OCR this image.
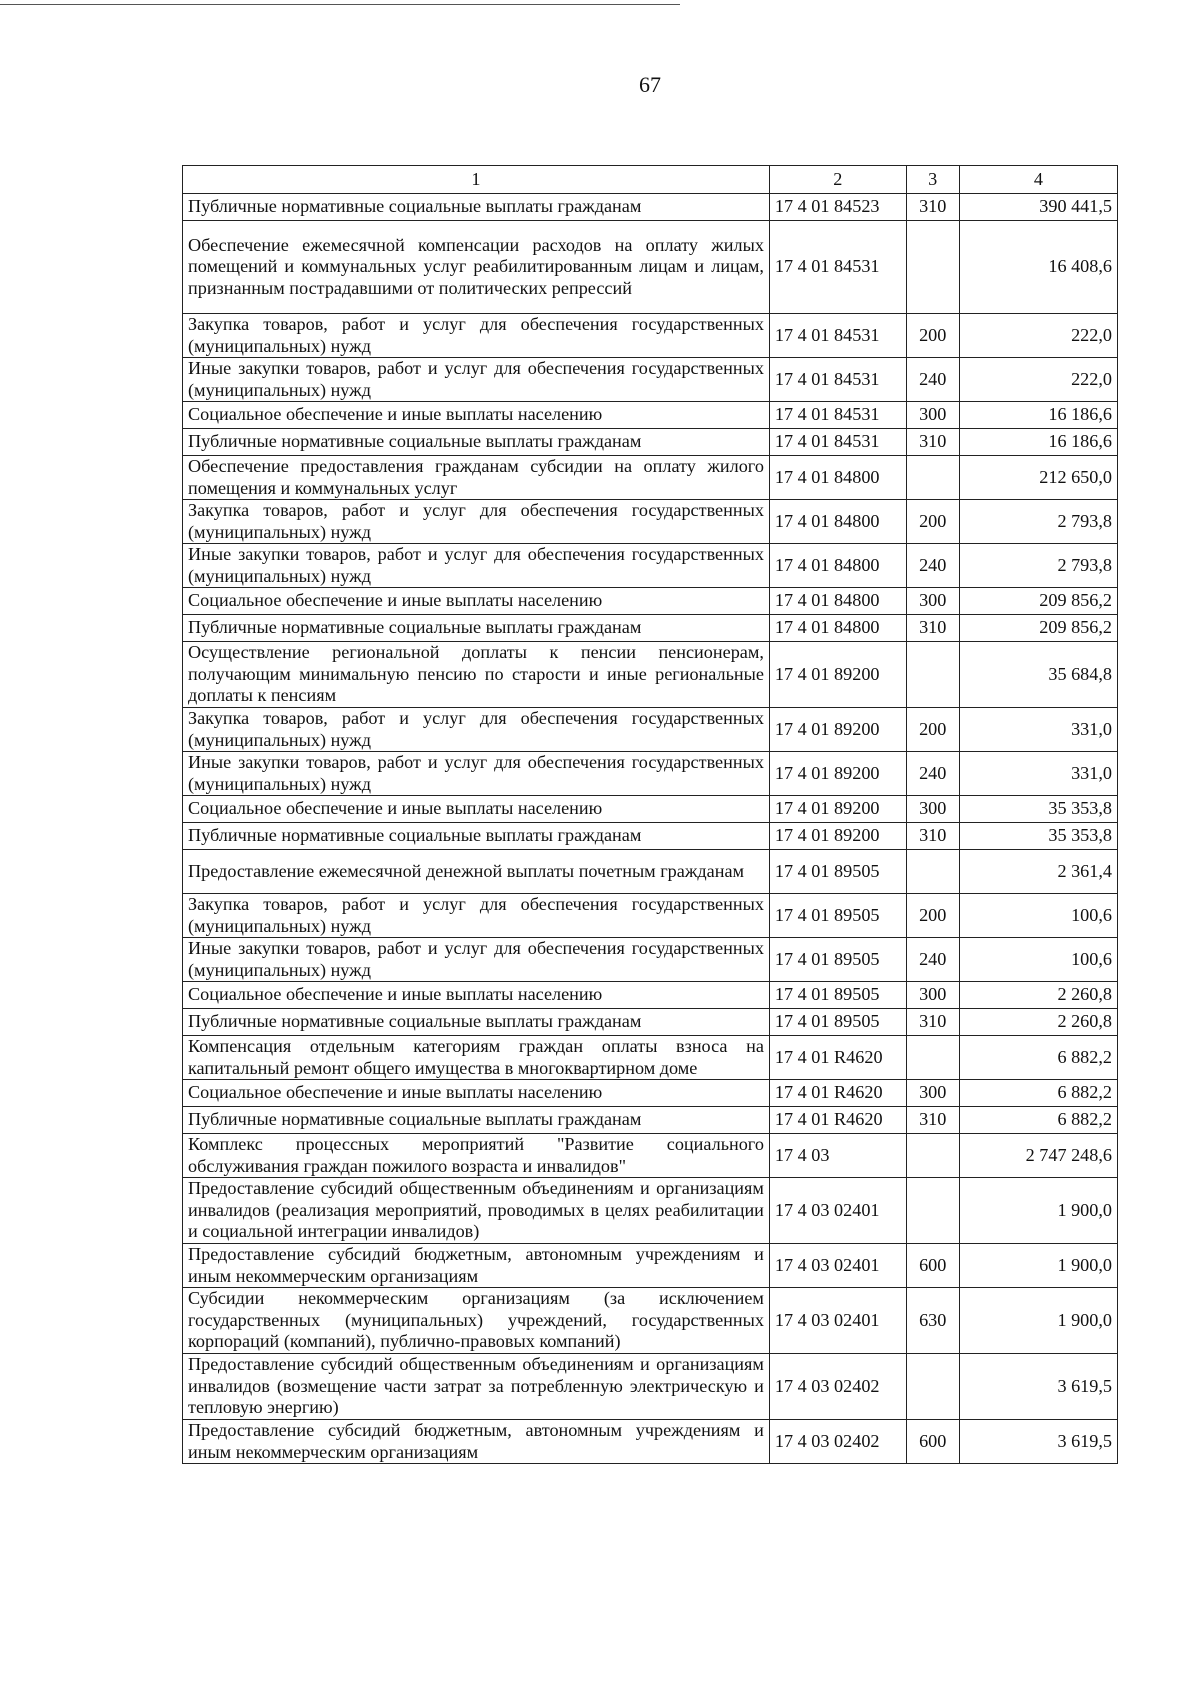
67
1	2	3	4
Публичные нормативные социальные выплаты гражданам	17 4 01 84523	310	390 441,5
Обеспечение ежемесячной компенсации расходов на оплату жилых помещений и коммунальных услуг реабилитированным лицам и лицам, признанным пострадавшими от политических репрессий	17 4 01 84531		16 408,6
Закупка товаров, работ и услуг для обеспечения государственных (муниципальных) нужд	17 4 01 84531	200	222,0
Иные закупки товаров, работ и услуг для обеспечения государственных (муниципальных) нужд	17 4 01 84531	240	222,0
Социальное обеспечение и иные выплаты населению	17 4 01 84531	300	16 186,6
Публичные нормативные социальные выплаты гражданам	17 4 01 84531	310	16 186,6
Обеспечение предоставления гражданам субсидии на оплату жилого помещения и коммунальных услуг	17 4 01 84800		212 650,0
Закупка товаров, работ и услуг для обеспечения государственных (муниципальных) нужд	17 4 01 84800	200	2 793,8
Иные закупки товаров, работ и услуг для обеспечения государственных (муниципальных) нужд	17 4 01 84800	240	2 793,8
Социальное обеспечение и иные выплаты населению	17 4 01 84800	300	209 856,2
Публичные нормативные социальные выплаты гражданам	17 4 01 84800	310	209 856,2
Осуществление региональной доплаты к пенсии пенсионерам, получающим минимальную пенсию по старости и иные региональные доплаты к пенсиям	17 4 01 89200		35 684,8
Закупка товаров, работ и услуг для обеспечения государственных (муниципальных) нужд	17 4 01 89200	200	331,0
Иные закупки товаров, работ и услуг для обеспечения государственных (муниципальных) нужд	17 4 01 89200	240	331,0
Социальное обеспечение и иные выплаты населению	17 4 01 89200	300	35 353,8
Публичные нормативные социальные выплаты гражданам	17 4 01 89200	310	35 353,8
Предоставление ежемесячной денежной выплаты почетным гражданам	17 4 01 89505		2 361,4
Закупка товаров, работ и услуг для обеспечения государственных (муниципальных) нужд	17 4 01 89505	200	100,6
Иные закупки товаров, работ и услуг для обеспечения государственных (муниципальных) нужд	17 4 01 89505	240	100,6
Социальное обеспечение и иные выплаты населению	17 4 01 89505	300	2 260,8
Публичные нормативные социальные выплаты гражданам	17 4 01 89505	310	2 260,8
Компенсация отдельным категориям граждан оплаты взноса на капитальный ремонт общего имущества в многоквартирном доме	17 4 01 R4620		6 882,2
Социальное обеспечение и иные выплаты населению	17 4 01 R4620	300	6 882,2
Публичные нормативные социальные выплаты гражданам	17 4 01 R4620	310	6 882,2
Комплекс процессных мероприятий "Развитие социального обслуживания граждан пожилого возраста и инвалидов"	17 4 03		2 747 248,6
Предоставление субсидий общественным объединениям и организациям инвалидов (реализация мероприятий, проводимых в целях реабилитации и социальной интеграции инвалидов)	17 4 03 02401		1 900,0
Предоставление субсидий бюджетным, автономным учреждениям и иным некоммерческим организациям	17 4 03 02401	600	1 900,0
Субсидии некоммерческим организациям (за исключением государственных (муниципальных) учреждений, государственных корпораций (компаний), публично-правовых компаний)	17 4 03 02401	630	1 900,0
Предоставление субсидий общественным объединениям и организациям инвалидов (возмещение части затрат за потребленную электрическую и тепловую энергию)	17 4 03 02402		3 619,5
Предоставление субсидий бюджетным, автономным учреждениям и иным некоммерческим организациям	17 4 03 02402	600	3 619,5
